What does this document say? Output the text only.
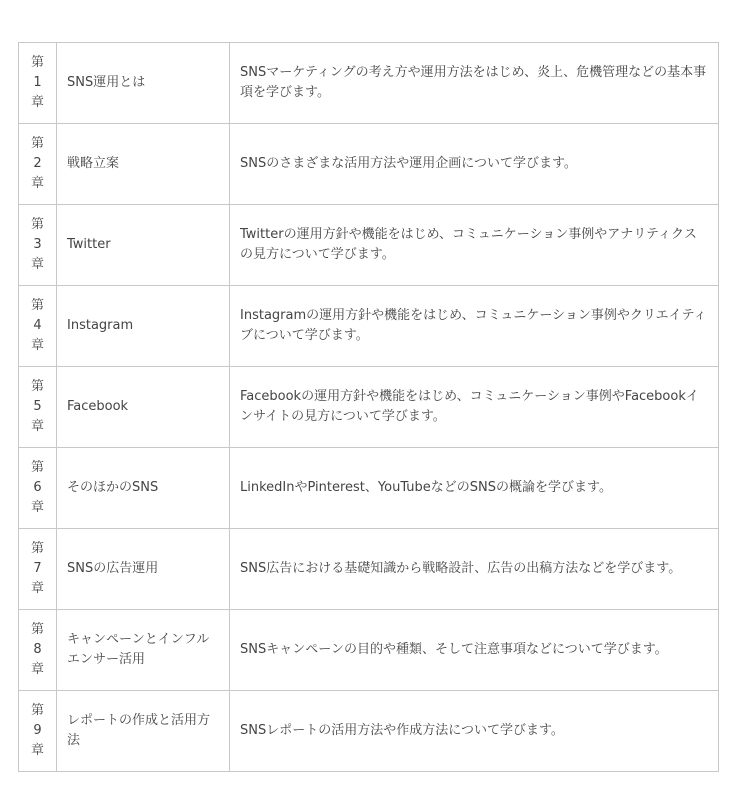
第
1
章	SNS運用とは	SNSマーケティングの考え方や運用方法をはじめ、炎上、危機管理などの基本事項を学びます。

第
2
章	戦略立案	SNSのさまざまな活用方法や運用企画について学びます。

第
3
章	Twitter	Twitterの運用方針や機能をはじめ、コミュニケーション事例やアナリティクスの見方について学びます。

第
4
章	Instagram	Instagramの運用方針や機能をはじめ、コミュニケーション事例やクリエイティブについて学びます。

第
5
章	Facebook	Facebookの運用方針や機能をはじめ、コミュニケーション事例やFacebookインサイトの見方について学びます。

第
6
章	そのほかのSNS	LinkedInやPinterest、YouTubeなどのSNSの概論を学びます。

第
7
章	SNSの広告運用	SNS広告における基礎知識から戦略設計、広告の出稿方法などを学びます。

第
8
章	キャンペーンとインフルエンサー活用	SNSキャンペーンの目的や種類、そして注意事項などについて学びます。

第
9
章	レポートの作成と活用方法	SNSレポートの活用方法や作成方法について学びます。
